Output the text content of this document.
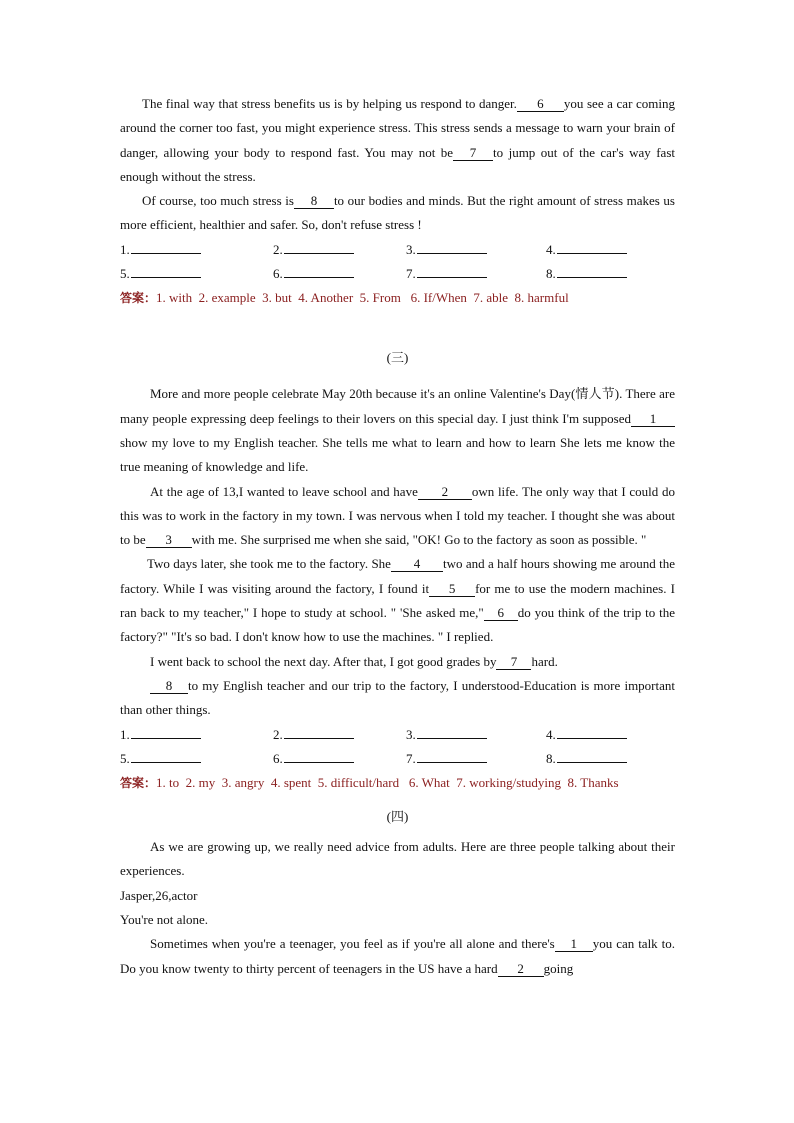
The final way that stress benefits us is by helping us respond to danger. 6 you see a car coming around the corner too fast, you might experience stress. This stress sends a message to warn your brain of danger, allowing your body to respond fast. You may not be 7 to jump out of the car's way fast enough without the stress.

Of course, too much stress is 8 to our bodies and minds. But the right amount of stress makes us more efficient, healthier and safer. So, don't refuse stress !

1.	2.	3.	4.
5.	6.	7.	8.
答案：1. with  2. example  3. but  4. Another  5. From   6. If/When  7. able  8. harmful
(三)

More and more people celebrate May 20th because it's an online Valentine's Day(情人节). There are many people expressing deep feelings to their lovers on this special day. I just think I'm supposed 1show my love to my English teacher. She tells me what to learn and how to learn She lets me know the true meaning of knowledge and life.

At the age of 13,I wanted to leave school and have 2 own life. The only way that I could do this was to work in the factory in my town. I was nervous when I told my teacher. I thought she was about to be 3 with me. She surprised me when she said, "OK! Go to the factory as soon as possible. "

Two days later, she took me to the factory. She 4 two and a half hours showing me around the factory. While I was visiting around the factory, I found it 5 for me to use the modern machines. I ran back to my teacher," I hope to study at school. " 'She asked me," 6 do you think of the trip to the factory?" "It's so bad. I don't know how to use the machines. " I replied.

I went back to school the next day. After that, I got good grades by 7 hard.

8 to my English teacher and our trip to the factory, I understood-Education is more important than other things.

1.	2.	3.	4.
5.	6.	7.	8.
答案：1. to  2. my  3. angry  4. spent  5. difficult/hard   6. What  7. working/studying  8. Thanks
(四)

As we are growing up, we really need advice from adults. Here are three people talking about their experiences.

Jasper,26,actor

You're not alone.

Sometimes when you're a teenager, you feel as if you're all alone and there's 1 you can talk to. Do you know twenty to thirty percent of teenagers in the US have a hard 2 going
